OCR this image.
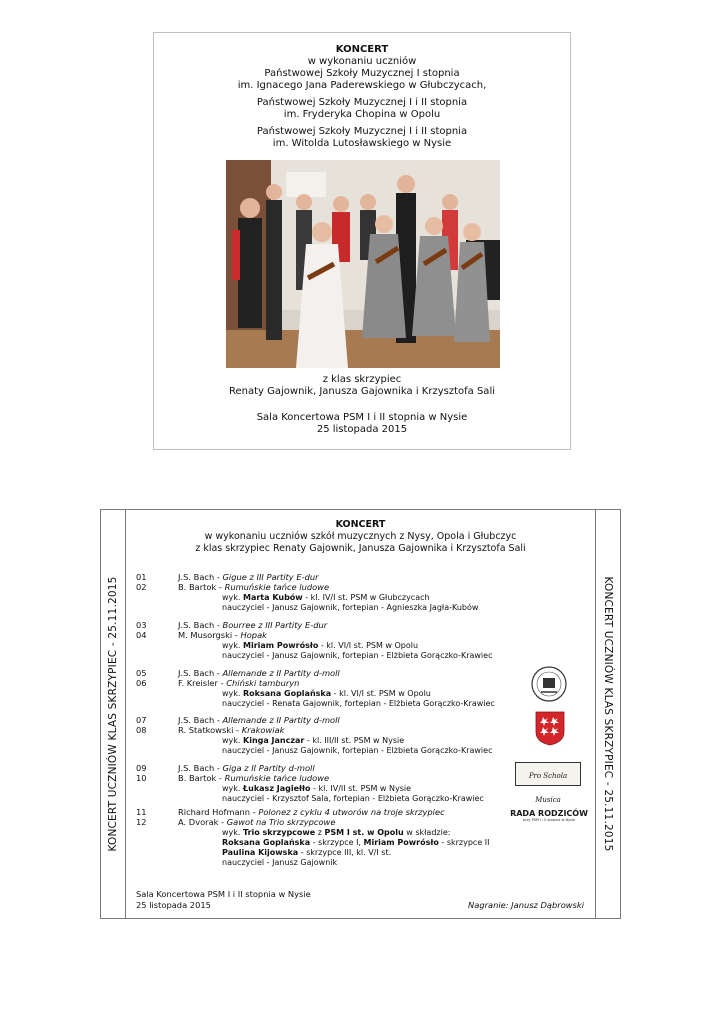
KONCERT
w wykonaniu uczniów
Państwowej Szkoły Muzycznej I stopnia
im. Ignacego Jana Paderewskiego w Głubczycach,
Państwowej Szkoły Muzycznej I i II stopnia
im. Fryderyka Chopina w Opolu
Państwowej Szkoły Muzycznej I i II stopnia
im. Witolda Lutosławskiego w Nysie
z klas skrzypiec
Renaty Gajownik, Janusza Gajownika i Krzysztofa Sali
Sala Koncertowa PSM I i II stopnia w Nysie
25 listopada 2015
KONCERT UCZNIÓW KLAS SKRZYPIEC - 25.11.2015	KONCERT UCZNIÓW KLAS SKRZYPIEC - 25.11.2015
KONCERT
w wykonaniu uczniów szkół muzycznych z Nysy, Opola i Głubczyc
z klas skrzypiec Renaty Gajownik, Janusza Gajownika i Krzysztofa Sali
01	J.S. Bach - Gigue z III Partity E-dur
02	B. Bartok - Rumuńskie tańce ludowe
wyk. Marta Kubów - kl. IV/I st. PSM w Głubczycach
nauczyciel - Janusz Gajownik, fortepian - Agnieszka Jagła-Kubów
03	J.S. Bach - Bourree z III Partity E-dur
04	M. Musorgski - Hopak
wyk. Miriam Powrósło - kl. VI/I st. PSM w Opolu
nauczyciel - Janusz Gajownik, fortepian - Elżbieta Gorączko-Krawiec
05	J.S. Bach - Allemande z II Partity d-moll
06	F. Kreisler - Chiński tamburyn
wyk. Roksana Goplańska - kl. VI/I st. PSM w Opolu
nauczyciel - Renata Gajownik, fortepian - Elżbieta Gorączko-Krawiec
07	J.S. Bach - Allemande z II Partity d-moll
08	R. Statkowski - Krakowiak
wyk. Kinga Janczar - kl. III/II st. PSM w Nysie
nauczyciel - Janusz Gajownik, fortepian - Elżbieta Gorączko-Krawiec
09	J.S. Bach - Giga z II Partity d-moll
10	B. Bartok - Rumuńskie tańce ludowe
wyk. Łukasz Jagiełło - kl. IV/II st. PSM w Nysie
nauczyciel - Krzysztof Sala, fortepian - Elżbieta Gorączko-Krawiec
11	Richard Hofmann - Polonez z cyklu 4 utworów na troje skrzypiec
12	A. Dvorak - Gawot na Trio skrzypcowe
wyk. Trio skrzypcowe z PSM I st. w Opolu w składzie:
Roksana Goplańska - skrzypce I, Miriam Powrósło - skrzypce II
Paulina Kijowska - skrzypce III, kl. V/I st.
nauczyciel - Janusz Gajownik
Sala Koncertowa PSM I i II stopnia w Nysie
25 listopada 2015	Nagranie: Janusz Dąbrowski
Pro Schola Musica
RADA RODZICÓW
przy PSM I i II stopnia w Nysie
